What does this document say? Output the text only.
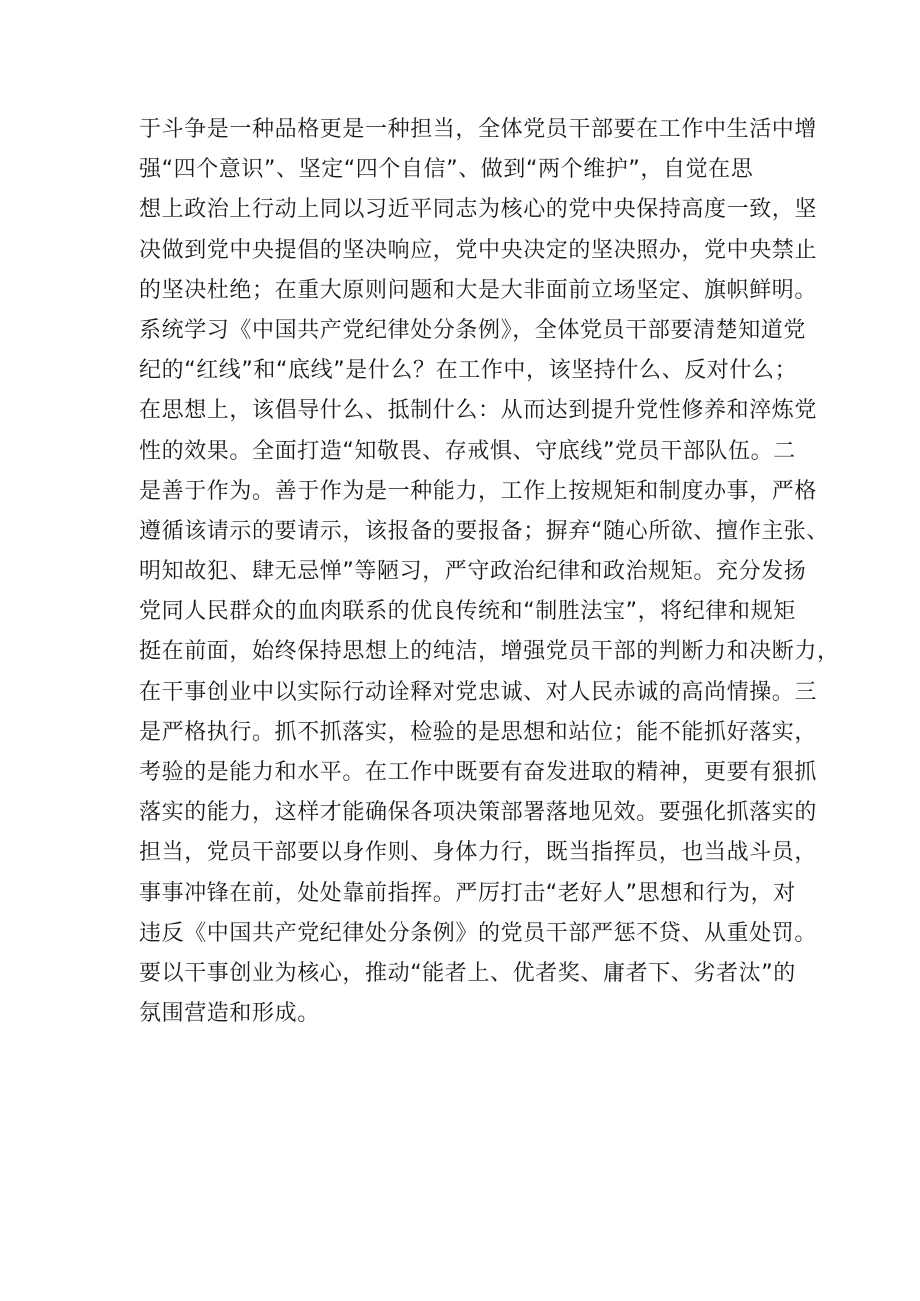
于斗争是一种品格更是一种担当，全体党员干部要在工作中生活中增
强“四个意识”、坚定“四个自信”、做到“两个维护”，自觉在思
想上政治上行动上同以习近平同志为核心的党中央保持高度一致，坚
决做到党中央提倡的坚决响应，党中央决定的坚决照办，党中央禁止
的坚决杜绝；在重大原则问题和大是大非面前立场坚定、旗帜鲜明。
系统学习《中国共产党纪律处分条例》，全体党员干部要清楚知道党
纪的“红线”和“底线”是什么？在工作中，该坚持什么、反对什么；
在思想上，该倡导什么、抵制什么：从而达到提升党性修养和淬炼党
性的效果。全面打造“知敬畏、存戒惧、守底线”党员干部队伍。二
是善于作为。善于作为是一种能力，工作上按规矩和制度办事，严格
遵循该请示的要请示，该报备的要报备；摒弃“随心所欲、擅作主张、
明知故犯、肆无忌惮”等陋习，严守政治纪律和政治规矩。充分发扬
党同人民群众的血肉联系的优良传统和“制胜法宝”，将纪律和规矩
挺在前面，始终保持思想上的纯洁，增强党员干部的判断力和决断力，
在干事创业中以实际行动诠释对党忠诚、对人民赤诚的高尚情操。三
是严格执行。抓不抓落实，检验的是思想和站位；能不能抓好落实，
考验的是能力和水平。在工作中既要有奋发进取的精神，更要有狠抓
落实的能力，这样才能确保各项决策部署落地见效。要强化抓落实的
担当，党员干部要以身作则、身体力行，既当指挥员，也当战斗员，
事事冲锋在前，处处靠前指挥。严厉打击“老好人”思想和行为，对
违反《中国共产党纪律处分条例》的党员干部严惩不贷、从重处罚。
要以干事创业为核心，推动“能者上、优者奖、庸者下、劣者汰”的
氛围营造和形成。
